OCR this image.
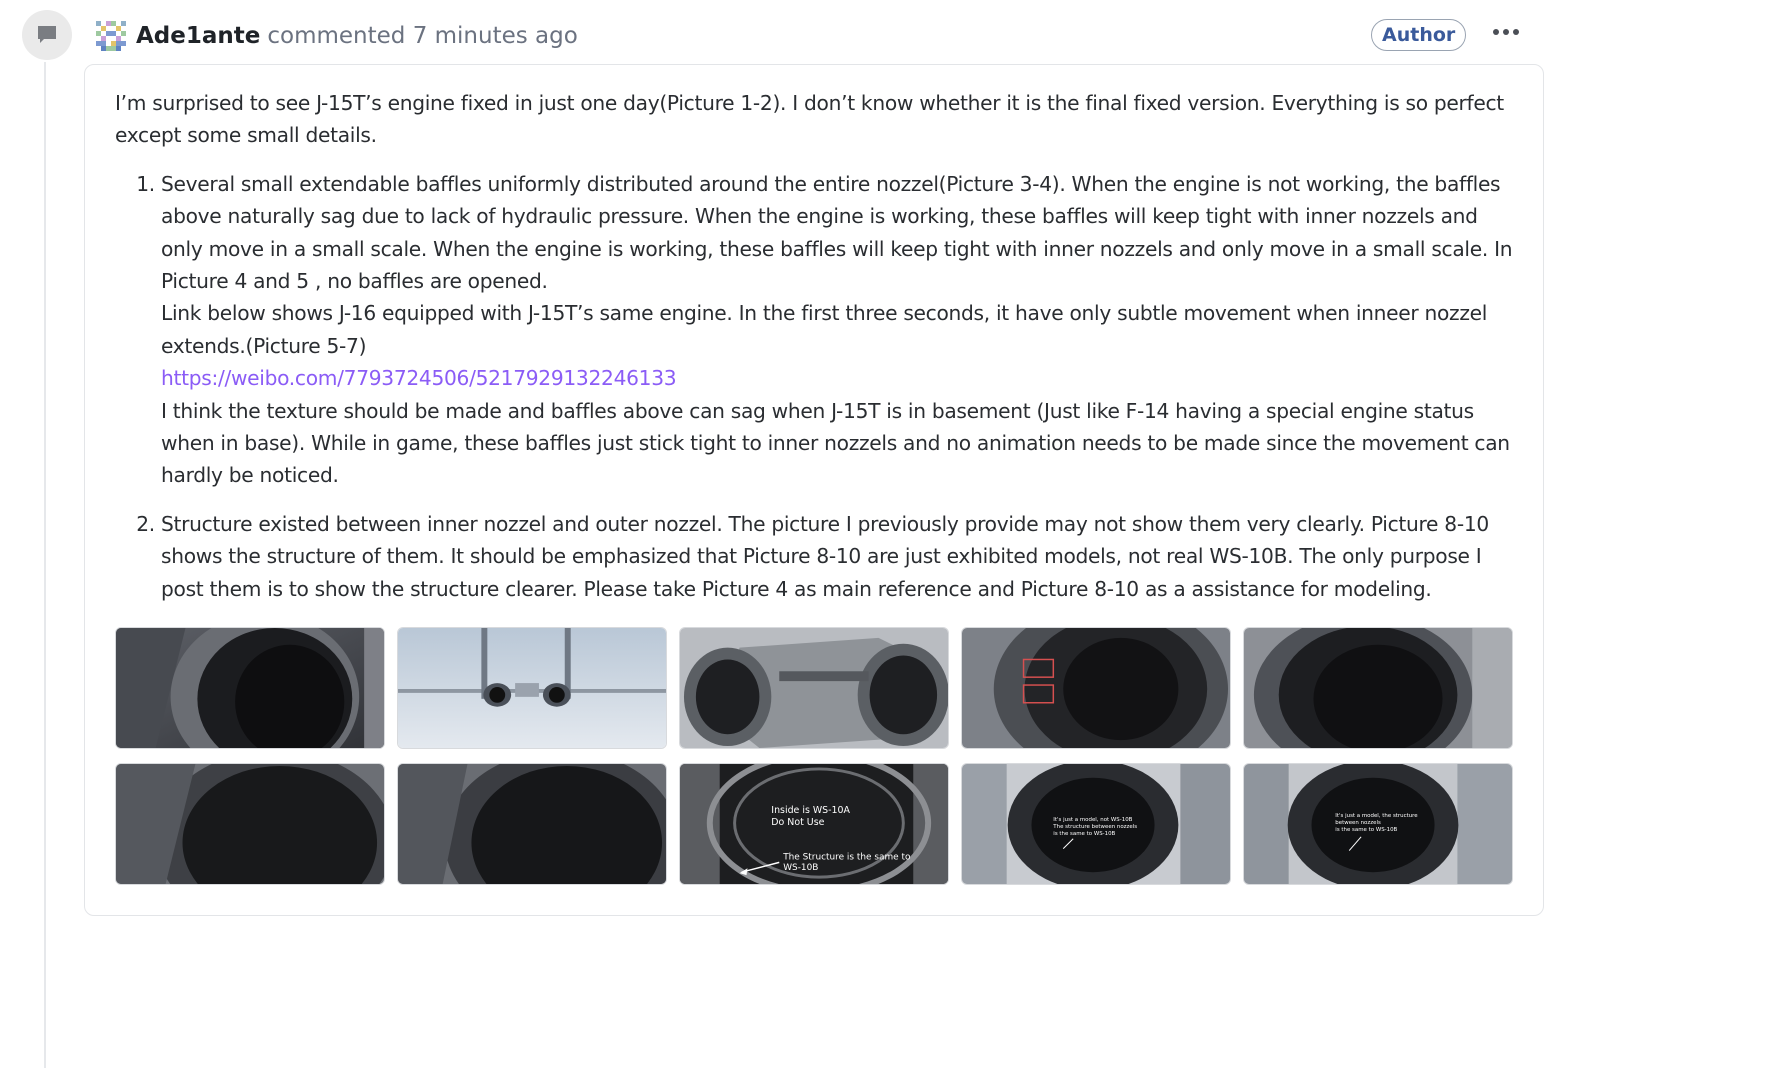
Ade1ante commented 7 minutes ago	Author

I’m surprised to see J-15T’s engine fixed in just one day(Picture 1-2). I don’t know whether it is the final fixed version. Everything is so perfect except some small details.

1. Several small extendable baffles uniformly distributed around the entire nozzel(Picture 3-4). When the engine is not working, the baffles above naturally sag due to lack of hydraulic pressure. When the engine is working, these baffles will keep tight with inner nozzels and only move in a small scale. When the engine is working, these baffles will keep tight with inner nozzels and only move in a small scale. In Picture 4 and 5 , no baffles are opened.
Link below shows J-16 equipped with J-15T’s same engine. In the first three seconds, it have only subtle movement when inneer nozzel extends.(Picture 5-7)
https://weibo.com/7793724506/5217929132246133
I think the texture should be made and baffles above can sag when J-15T is in basement (Just like F-14 having a special engine status when in base). While in game, these baffles just stick tight to inner nozzels and no animation needs to be made since the movement can hardly be noticed.
2. Structure existed between inner nozzel and outer nozzel. The picture I previously provide may not show them very clearly. Picture 8-10 shows the structure of them. It should be emphasized that Picture 8-10 are just exhibited models, not real WS-10B. The only purpose I post them is to show the structure clearer. Please take Picture 4 as main reference and Picture 8-10 as a assistance for modeling.
Inside is WS-10A
Do Not Use
The Structure is the same to
WS-10B
It's just a model, not WS-10B
The structure between nozzels
is the same to WS-10B
It's just a model, the structure
between nozzels
is the same to WS-10B
